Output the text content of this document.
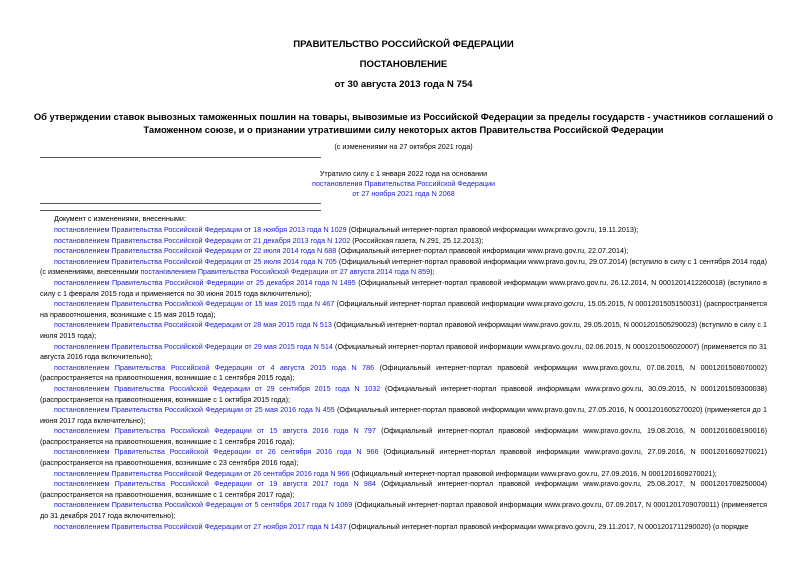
ПРАВИТЕЛЬСТВО РОССИЙСКОЙ ФЕДЕРАЦИИ
ПОСТАНОВЛЕНИЕ
от 30 августа 2013 года N 754
Об утверждении ставок вывозных таможенных пошлин на товары, вывозимые из Российской Федерации за пределы государств - участников соглашений о Таможенном союзе, и о признании утратившими силу некоторых актов Правительства Российской Федерации
(с изменениями на 27 октября 2021 года)
Утратило силу с 1 января 2022 года на основании
постановления Правительства Российской Федерации
от 27 ноября 2021 года N 2068
Документ с изменениями, внесенными:

постановлением Правительства Российской Федерации от 18 ноября 2013 года N 1029 (Официальный интернет-портал правовой информации www.pravo.gov.ru, 19.11.2013);

постановлением Правительства Российской Федерации от 21 декабря 2013 года N 1202 (Российская газета, N 291, 25.12.2013);

постановлением Правительства Российской Федерации от 22 июля 2014 года N 688 (Официальный интернет-портал правовой информации www.pravo.gov.ru, 22.07.2014);

постановлением Правительства Российской Федерации от 25 июля 2014 года N 705 (Официальный интернет-портал правовой информации www.pravo.gov.ru, 29.07.2014) (вступило в силу с 1 сентября 2014 года) (с изменениями, внесенными постановлением Правительства Российской Федерации от 27 августа 2014 года N 859);

постановлением Правительства Российской Федерации от 25 декабря 2014 года N 1495 (Официальный интернет-портал правовой информации www.pravo.gov.ru, 26.12.2014, N 0001201412260018) (вступило в силу с 1 февраля 2015 года и применяется по 30 июня 2015 года включительно);

постановлением Правительства Российской Федерации от 15 мая 2015 года N 467 (Официальный интернет-портал правовой информации www.pravo.gov.ru, 15.05.2015, N 0001201505150031) (распространяется на правоотношения, возникшие с 15 мая 2015 года);

постановлением Правительства Российской Федерации от 28 мая 2015 года N 513 (Официальный интернет-портал правовой информации www.pravo.gov.ru, 29.05.2015, N 0001201505290023) (вступило в силу с 1 июля 2015 года);

постановлением Правительства Российской Федерации от 29 мая 2015 года N 514 (Официальный интернет-портал правовой информации www.pravo.gov.ru, 02.06.2015, N 0001201506020007) (применяется по 31 августа 2016 года включительно);

постановлением Правительства Российской Федерации от 4 августа 2015 года N 786 (Официальный интернет-портал правовой информации www.pravo.gov.ru, 07.08.2015, N 0001201508070002) (распространяется на правоотношения, возникшие с 1 сентября 2015 года);

постановлением Правительства Российской Федерации от 29 сентября 2015 года N 1032 (Официальный интернет-портал правовой информации www.pravo.gov.ru, 30.09.2015, N 0001201509300038) (распространяется на правоотношения, возникшие с 1 октября 2015 года);

постановлением Правительства Российской Федерации от 25 мая 2016 года N 455 (Официальный интернет-портал правовой информации www.pravo.gov.ru, 27.05.2016, N 0001201605270020) (применяется до 1 июня 2017 года включительно);

постановлением Правительства Российской Федерации от 15 августа 2016 года N 797 (Официальный интернет-портал правовой информации www.pravo.gov.ru, 19.08.2016, N 0001201608190016) (распространяется на правоотношения, возникшие с 1 сентября 2016 года);

постановлением Правительства Российской Федерации от 26 сентября 2016 года N 966 (Официальный интернет-портал правовой информации www.pravo.gov.ru, 27.09.2016, N 0001201609270021) (распространяется на правоотношения, возникшие с 23 сентября 2016 года);

постановлением Правительства Российской Федерации от 26 сентября 2016 года N 966 (Официальный интернет-портал правовой информации www.pravo.gov.ru, 27.09.2016, N 0001201609270021);

постановлением Правительства Российской Федерации от 19 августа 2017 года N 984 (Официальный интернет-портал правовой информации www.pravo.gov.ru, 25.08.2017, N 0001201708250004) (распространяется на правоотношения, возникшие с 1 сентября 2017 года);

постановлением Правительства Российской Федерации от 5 сентября 2017 года N 1069 (Официальный интернет-портал правовой информации www.pravo.gov.ru, 07.09.2017, N 0001201709070011) (применяется до 31 декабря 2017 года включительно);

постановлением Правительства Российской Федерации от 27 ноября 2017 года N 1437 (Официальный интернет-портал правовой информации www.pravo.gov.ru, 29.11.2017, N 0001201711290020) (о порядке
